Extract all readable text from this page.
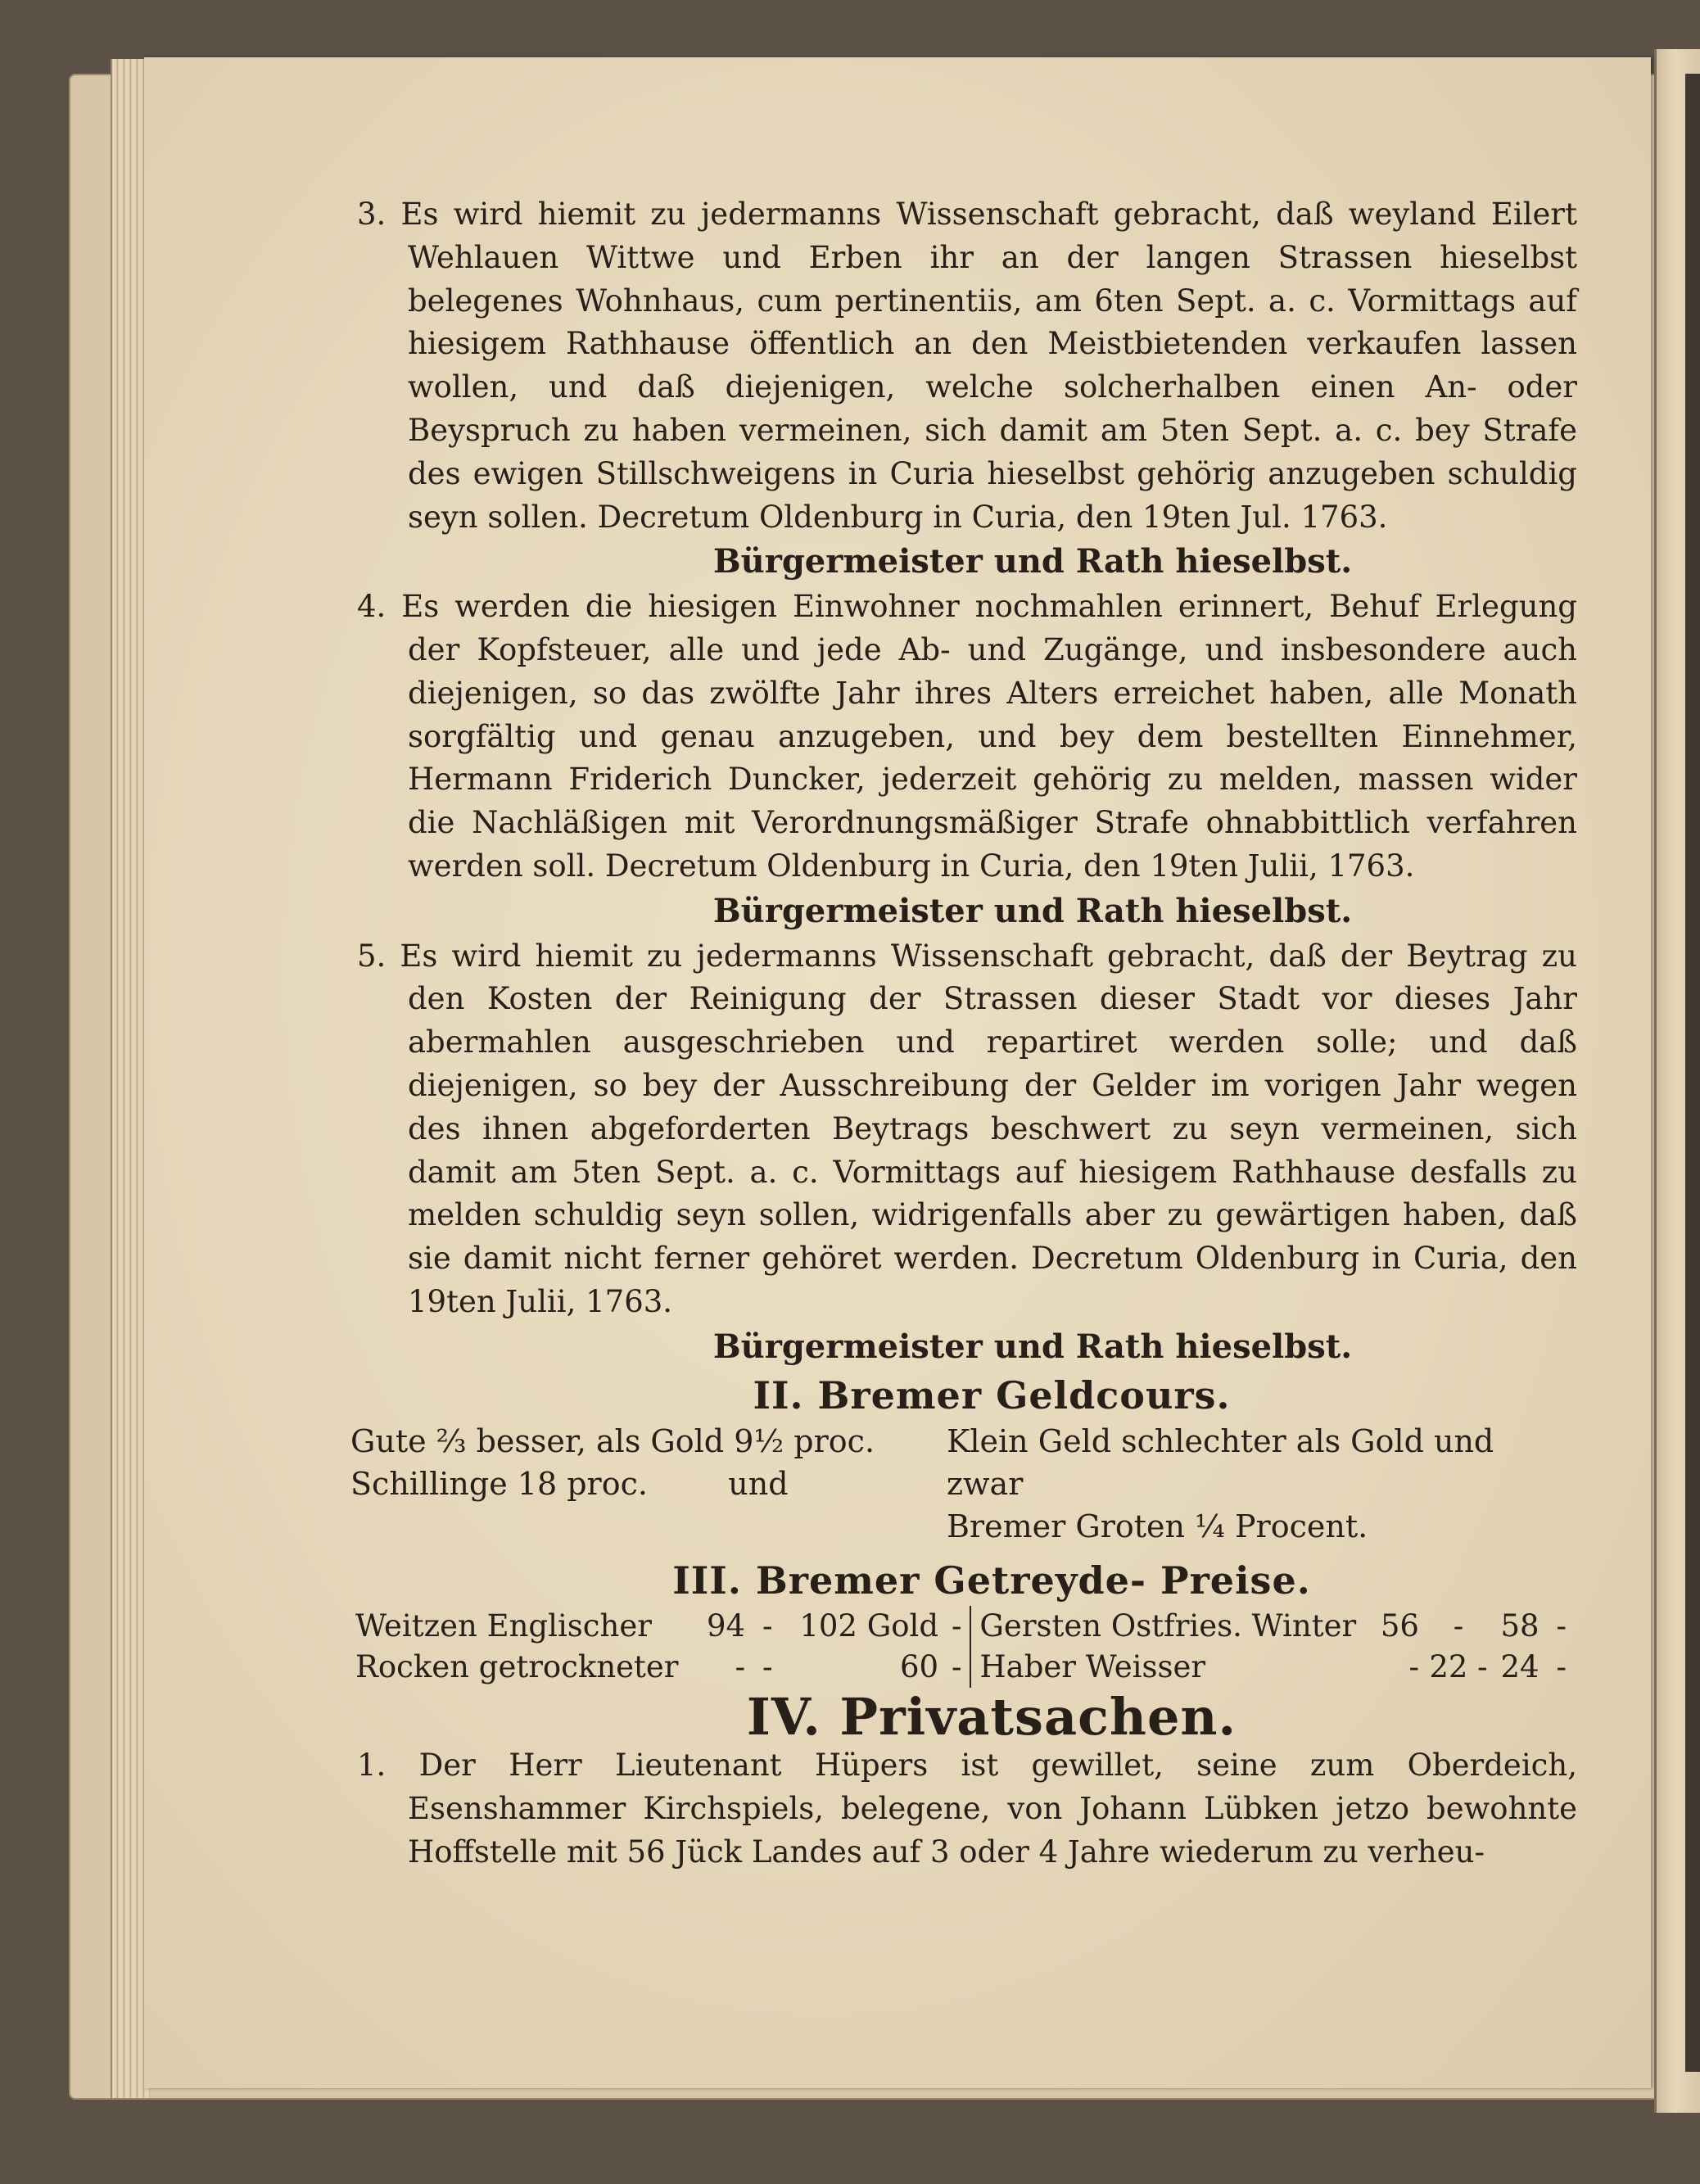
3. Es wird hiemit zu jedermanns Wissenschaft gebracht, daß weyland Eilert Wehlauen Wittwe und Erben ihr an der langen Strassen hieselbst belegenes Wohnhaus, cum pertinentiis, am 6ten Sept. a. c. Vormittags auf hiesigem Rathhause öffentlich an den Meistbietenden verkaufen lassen wollen, und daß diejenigen, welche solcherhalben einen An- oder Beyspruch zu haben vermeinen, sich damit am 5ten Sept. a. c. bey Strafe des ewigen Stillschweigens in Curia hieselbst gehörig anzugeben schuldig seyn sollen. Decretum Oldenburg in Curia, den 19ten Jul. 1763.
Bürgermeister und Rath hieselbst.
4. Es werden die hiesigen Einwohner nochmahlen erinnert, Behuf Erlegung der Kopfsteuer, alle und jede Ab- und Zugänge, und insbesondere auch diejenigen, so das zwölfte Jahr ihres Alters erreichet haben, alle Monath sorgfältig und genau anzugeben, und bey dem bestellten Einnehmer, Hermann Friderich Duncker, jederzeit gehörig zu melden, massen wider die Nachläßigen mit Verordnungsmäßiger Strafe ohnabbittlich verfahren werden soll. Decretum Oldenburg in Curia, den 19ten Julii, 1763.
Bürgermeister und Rath hieselbst.
5. Es wird hiemit zu jedermanns Wissenschaft gebracht, daß der Beytrag zu den Kosten der Reinigung der Strassen dieser Stadt vor dieses Jahr abermahlen ausgeschrieben und repartiret werden solle; und daß diejenigen, so bey der Ausschreibung der Gelder im vorigen Jahr wegen des ihnen abgeforderten Beytrags beschwert zu seyn vermeinen, sich damit am 5ten Sept. a. c. Vormittags auf hiesigem Rathhause desfalls zu melden schuldig seyn sollen, widrigenfalls aber zu gewärtigen haben, daß sie damit nicht ferner gehöret werden. Decretum Oldenburg in Curia, den 19ten Julii, 1763.
Bürgermeister und Rath hieselbst.
II. Bremer Geldcours.
Gute ⅔ besser, als Gold 9½ proc.
Schillinge 18 proc.	und
Klein Geld schlechter als Gold und zwar
Bremer Groten ¼ Procent.
III. Bremer Getreyde- Preise.
Weitzen Englischer	94	-	102 Gold	-		Gersten Ostfries. Winter	56	-	58	-
Rocken getrockneter	-	-	60	-		Haber Weisser	-	22 -	24	-
IV. Privatsachen.
1. Der Herr Lieutenant Hüpers ist gewillet, seine zum Oberdeich, Esenshammer Kirchspiels, belegene, von Johann Lübken jetzo bewohnte Hoffstelle mit 56 Jück Landes auf 3 oder 4 Jahre wiederum zu verheu-
